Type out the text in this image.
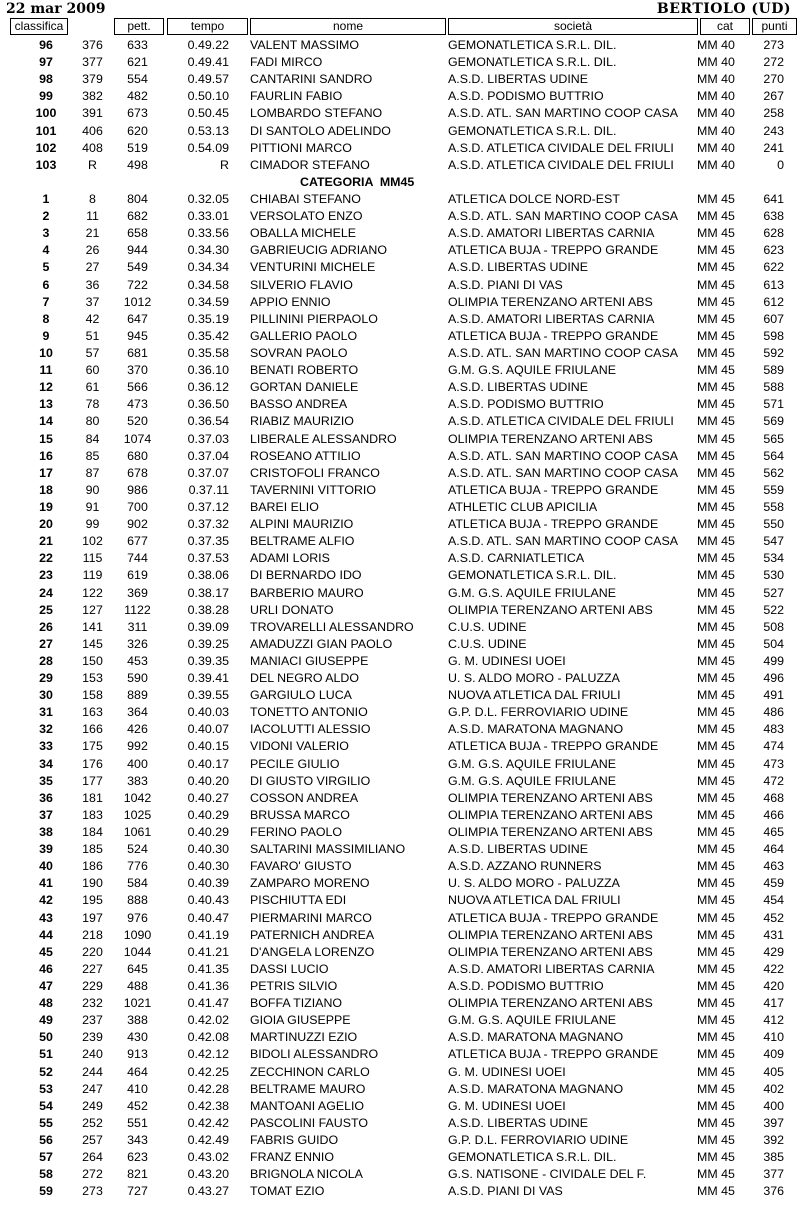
22 mar 2009	BERTIOLO (UD)
classifica	pett.	tempo	nome	società	cat	punti
96	376	633	0.49.22 VALENT MASSIMO	GEMONATLETICA S.R.L. DIL.	MM 40	273
97	377	621	0.49.41 FADI MIRCO	GEMONATLETICA S.R.L. DIL.	MM 40	272
98	379	554	0.49.57 CANTARINI SANDRO	A.S.D. LIBERTAS UDINE	MM 40	270
99	382	482	0.50.10 FAURLIN FABIO	A.S.D. PODISMO BUTTRIO	MM 40	267
100	391	673	0.50.45 LOMBARDO STEFANO	A.S.D. ATL. SAN MARTINO COOP CASA	MM 40	258
101	406	620	0.53.13 DI SANTOLO ADELINDO	GEMONATLETICA S.R.L. DIL.	MM 40	243
102	408	519	0.54.09 PITTIONI MARCO	A.S.D. ATLETICA CIVIDALE DEL FRIULI	MM 40	241
103	R	498	R CIMADOR STEFANO	A.S.D. ATLETICA CIVIDALE DEL FRIULI	MM 40	0
CATEGORIA  MM45
1	8	804	0.32.05 CHIABAI STEFANO	ATLETICA DOLCE NORD-EST	MM 45	641
2	11	682	0.33.01 VERSOLATO ENZO	A.S.D. ATL. SAN MARTINO COOP CASA	MM 45	638
3	21	658	0.33.56 OBALLA MICHELE	A.S.D. AMATORI LIBERTAS CARNIA	MM 45	628
4	26	944	0.34.30 GABRIEUCIG ADRIANO	ATLETICA BUJA - TREPPO GRANDE	MM 45	623
5	27	549	0.34.34 VENTURINI MICHELE	A.S.D. LIBERTAS UDINE	MM 45	622
6	36	722	0.34.58 SILVERIO FLAVIO	A.S.D. PIANI DI VAS	MM 45	613
7	37	1012	0.34.59 APPIO ENNIO	OLIMPIA TERENZANO ARTENI ABS	MM 45	612
8	42	647	0.35.19 PILLININI PIERPAOLO	A.S.D. AMATORI LIBERTAS CARNIA	MM 45	607
9	51	945	0.35.42 GALLERIO PAOLO	ATLETICA BUJA - TREPPO GRANDE	MM 45	598
10	57	681	0.35.58 SOVRAN PAOLO	A.S.D. ATL. SAN MARTINO COOP CASA	MM 45	592
11	60	370	0.36.10 BENATI ROBERTO	G.M. G.S. AQUILE FRIULANE	MM 45	589
12	61	566	0.36.12 GORTAN DANIELE	A.S.D. LIBERTAS UDINE	MM 45	588
13	78	473	0.36.50 BASSO ANDREA	A.S.D. PODISMO BUTTRIO	MM 45	571
14	80	520	0.36.54 RIABIZ MAURIZIO	A.S.D. ATLETICA CIVIDALE DEL FRIULI	MM 45	569
15	84	1074	0.37.03 LIBERALE ALESSANDRO	OLIMPIA TERENZANO ARTENI ABS	MM 45	565
16	85	680	0.37.04 ROSEANO ATTILIO	A.S.D. ATL. SAN MARTINO COOP CASA	MM 45	564
17	87	678	0.37.07 CRISTOFOLI FRANCO	A.S.D. ATL. SAN MARTINO COOP CASA	MM 45	562
18	90	986	0.37.11 TAVERNINI VITTORIO	ATLETICA BUJA - TREPPO GRANDE	MM 45	559
19	91	700	0.37.12 BAREI ELIO	ATHLETIC CLUB APICILIA	MM 45	558
20	99	902	0.37.32 ALPINI MAURIZIO	ATLETICA BUJA - TREPPO GRANDE	MM 45	550
21	102	677	0.37.35 BELTRAME ALFIO	A.S.D. ATL. SAN MARTINO COOP CASA	MM 45	547
22	115	744	0.37.53 ADAMI LORIS	A.S.D. CARNIATLETICA	MM 45	534
23	119	619	0.38.06 DI BERNARDO IDO	GEMONATLETICA S.R.L. DIL.	MM 45	530
24	122	369	0.38.17 BARBERIO MAURO	G.M. G.S. AQUILE FRIULANE	MM 45	527
25	127	1122	0.38.28 URLI DONATO	OLIMPIA TERENZANO ARTENI ABS	MM 45	522
26	141	311	0.39.09 TROVARELLI ALESSANDRO	C.U.S. UDINE	MM 45	508
27	145	326	0.39.25 AMADUZZI GIAN PAOLO	C.U.S. UDINE	MM 45	504
28	150	453	0.39.35 MANIACI GIUSEPPE	G. M. UDINESI UOEI	MM 45	499
29	153	590	0.39.41 DEL NEGRO ALDO	U. S. ALDO MORO - PALUZZA	MM 45	496
30	158	889	0.39.55 GARGIULO LUCA	NUOVA ATLETICA DAL FRIULI	MM 45	491
31	163	364	0.40.03 TONETTO ANTONIO	G.P. D.L. FERROVIARIO UDINE	MM 45	486
32	166	426	0.40.07 IACOLUTTI ALESSIO	A.S.D. MARATONA MAGNANO	MM 45	483
33	175	992	0.40.15 VIDONI VALERIO	ATLETICA BUJA - TREPPO GRANDE	MM 45	474
34	176	400	0.40.17 PECILE GIULIO	G.M. G.S. AQUILE FRIULANE	MM 45	473
35	177	383	0.40.20 DI GIUSTO VIRGILIO	G.M. G.S. AQUILE FRIULANE	MM 45	472
36	181	1042	0.40.27 COSSON ANDREA	OLIMPIA TERENZANO ARTENI ABS	MM 45	468
37	183	1025	0.40.29 BRUSSA MARCO	OLIMPIA TERENZANO ARTENI ABS	MM 45	466
38	184	1061	0.40.29 FERINO PAOLO	OLIMPIA TERENZANO ARTENI ABS	MM 45	465
39	185	524	0.40.30 SALTARINI MASSIMILIANO	A.S.D. LIBERTAS UDINE	MM 45	464
40	186	776	0.40.30 FAVARO' GIUSTO	A.S.D. AZZANO RUNNERS	MM 45	463
41	190	584	0.40.39 ZAMPARO MORENO	U. S. ALDO MORO - PALUZZA	MM 45	459
42	195	888	0.40.43 PISCHIUTTA EDI	NUOVA ATLETICA DAL FRIULI	MM 45	454
43	197	976	0.40.47 PIERMARINI MARCO	ATLETICA BUJA - TREPPO GRANDE	MM 45	452
44	218	1090	0.41.19 PATERNICH ANDREA	OLIMPIA TERENZANO ARTENI ABS	MM 45	431
45	220	1044	0.41.21 D'ANGELA LORENZO	OLIMPIA TERENZANO ARTENI ABS	MM 45	429
46	227	645	0.41.35 DASSI LUCIO	A.S.D. AMATORI LIBERTAS CARNIA	MM 45	422
47	229	488	0.41.36 PETRIS SILVIO	A.S.D. PODISMO BUTTRIO	MM 45	420
48	232	1021	0.41.47 BOFFA TIZIANO	OLIMPIA TERENZANO ARTENI ABS	MM 45	417
49	237	388	0.42.02 GIOIA GIUSEPPE	G.M. G.S. AQUILE FRIULANE	MM 45	412
50	239	430	0.42.08 MARTINUZZI EZIO	A.S.D. MARATONA MAGNANO	MM 45	410
51	240	913	0.42.12 BIDOLI ALESSANDRO	ATLETICA BUJA - TREPPO GRANDE	MM 45	409
52	244	464	0.42.25 ZECCHINON CARLO	G. M. UDINESI UOEI	MM 45	405
53	247	410	0.42.28 BELTRAME MAURO	A.S.D. MARATONA MAGNANO	MM 45	402
54	249	452	0.42.38 MANTOANI AGELIO	G. M. UDINESI UOEI	MM 45	400
55	252	551	0.42.42 PASCOLINI FAUSTO	A.S.D. LIBERTAS UDINE	MM 45	397
56	257	343	0.42.49 FABRIS GUIDO	G.P. D.L. FERROVIARIO UDINE	MM 45	392
57	264	623	0.43.02 FRANZ ENNIO	GEMONATLETICA S.R.L. DIL.	MM 45	385
58	272	821	0.43.20 BRIGNOLA NICOLA	G.S. NATISONE - CIVIDALE DEL F.	MM 45	377
59	273	727	0.43.27 TOMAT EZIO	A.S.D. PIANI DI VAS	MM 45	376
